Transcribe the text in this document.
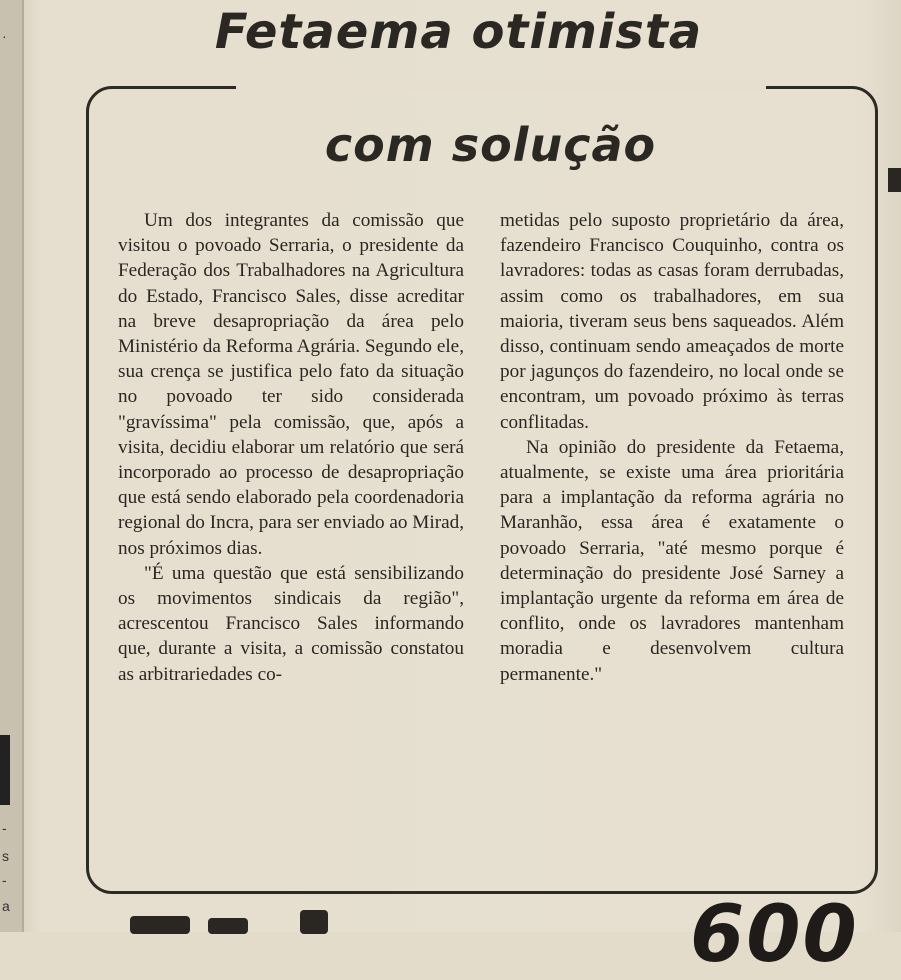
·
-
s
-
a
Fetaema otimista
com solução

Um dos integrantes da comissão que visitou o povoado Serraria, o presidente da Federação dos Trabalhadores na Agricultura do Estado, Francisco Sales, disse acreditar na breve desapropriação da área pelo Ministério da Reforma Agrária. Segundo ele, sua crença se justifica pelo fato da situação no povoado ter sido considerada "gravíssima" pela comissão, que, após a visita, decidiu elaborar um relatório que será incorporado ao processo de desapropriação que está sendo elaborado pela coordenadoria regional do Incra, para ser enviado ao Mirad, nos próximos dias.

"É uma questão que está sensibilizando os movimentos sindicais da região", acrescentou Francisco Sales informando que, durante a visita, a comissão constatou as arbitrariedades co-

metidas pelo suposto proprietário da área, fazendeiro Francisco Couquinho, contra os lavradores: todas as casas foram derrubadas, assim como os trabalhadores, em sua maioria, tiveram seus bens saqueados. Além disso, continuam sendo ameaçados de morte por jagunços do fazendeiro, no local onde se encontram, um povoado próximo às terras conflitadas.

Na opinião do presidente da Fetaema, atualmente, se existe uma área prioritária para a implantação da reforma agrária no Maranhão, essa área é exatamente o povoado Serraria, "até mesmo porque é determinação do presidente José Sarney a implantação urgente da reforma em área de conflito, onde os lavradores mantenham moradia e desenvolvem cultura permanente."

600
